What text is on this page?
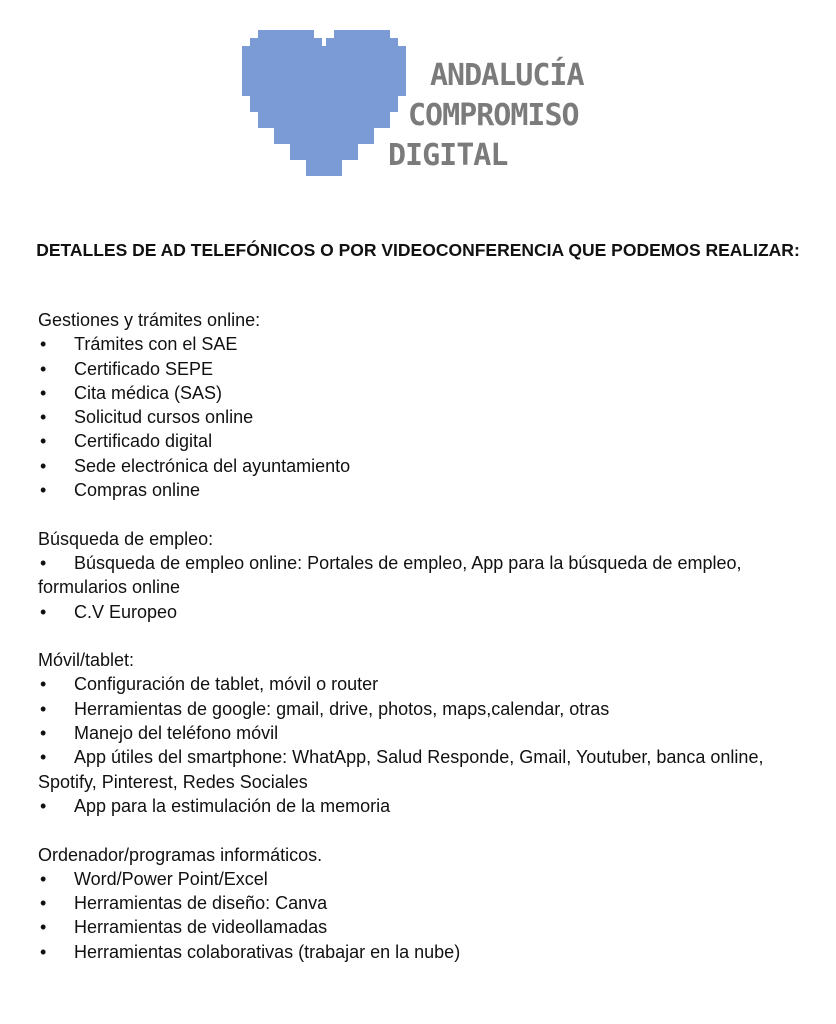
ANDALUCÍA
COMPROMISO
DIGITAL
DETALLES DE AD TELEFÓNICOS O POR VIDEOCONFERENCIA QUE PODEMOS REALIZAR:
Gestiones y trámites online:
•Trámites con el SAE
•Certificado SEPE
•Cita médica (SAS)
•Solicitud cursos online
•Certificado digital
•Sede electrónica del ayuntamiento
•Compras online
Búsqueda de empleo:
•Búsqueda de empleo online: Portales de empleo, App para la búsqueda de empleo, formularios online
•C.V Europeo
Móvil/tablet:
•Configuración de tablet, móvil o router
•Herramientas de google: gmail, drive, photos, maps,calendar, otras
•Manejo del teléfono móvil
•App útiles del smartphone: WhatApp, Salud Responde, Gmail, Youtuber, banca online, Spotify, Pinterest, Redes Sociales
•App para la estimulación de la memoria
Ordenador/programas informáticos.
•Word/Power Point/Excel
•Herramientas de diseño: Canva
•Herramientas de videollamadas
•Herramientas colaborativas (trabajar en la nube)
